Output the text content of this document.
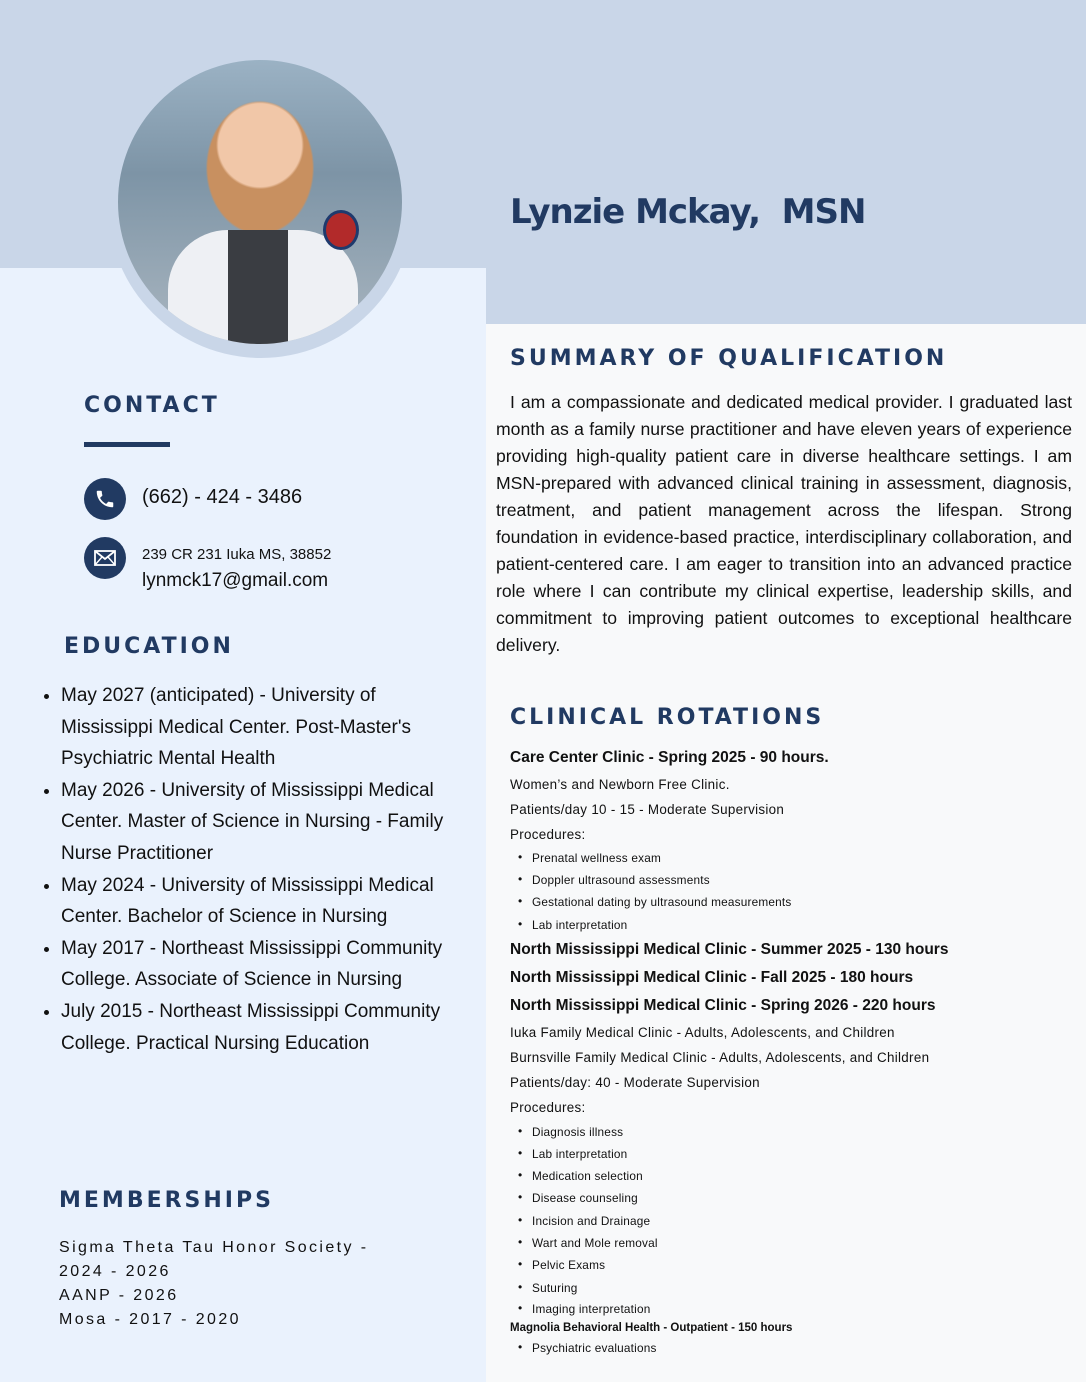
Lynzie Mckay,  MSN
CONTACT
(662) - 424 - 3486
239 CR 231 Iuka MS, 38852
lynmck17@gmail.com
EDUCATION
• May 2027 (anticipated) - University of Mississippi Medical Center. Post-Master's Psychiatric Mental Health
• May 2026 - University of Mississippi Medical Center. Master of Science in Nursing - Family Nurse Practitioner
• May 2024 - University of Mississippi Medical Center. Bachelor of Science in Nursing
• May 2017 - Northeast Mississippi Community College. Associate of Science in Nursing
• July 2015 - Northeast Mississippi Community College. Practical Nursing Education
MEMBERSHIPS
Sigma Theta Tau Honor Society -
2024 - 2026
AANP - 2026
Mosa - 2017 - 2020
SUMMARY OF QUALIFICATION

I am a compassionate and dedicated medical provider. I graduated last month as a family nurse practitioner and have eleven years of experience providing high-quality patient care in diverse healthcare settings. I am MSN-prepared with advanced clinical training in assessment, diagnosis, treatment, and patient management across the lifespan. Strong foundation in evidence-based practice, interdisciplinary collaboration, and patient-centered care. I am eager to transition into an advanced practice role where I can contribute my clinical expertise, leadership skills, and commitment to improving patient outcomes to exceptional healthcare delivery.

CLINICAL ROTATIONS
Care Center Clinic - Spring 2025 - 90 hours.
Women’s and Newborn Free Clinic.
Patients/day 10 - 15 - Moderate Supervision
Procedures:
• Prenatal wellness exam
• Doppler ultrasound assessments
• Gestational dating by ultrasound measurements
• Lab interpretation
North Mississippi Medical Clinic - Summer 2025 - 130 hours
North Mississippi Medical Clinic - Fall 2025 - 180 hours
North Mississippi Medical Clinic - Spring 2026 - 220 hours
Iuka Family Medical Clinic - Adults, Adolescents, and Children
Burnsville Family Medical Clinic - Adults, Adolescents, and Children
Patients/day: 40 - Moderate Supervision
Procedures:
• Diagnosis illness
• Lab interpretation
• Medication selection
• Disease counseling
• Incision and Drainage
• Wart and Mole removal
• Pelvic Exams
• Suturing
• Imaging interpretation
Magnolia Behavioral Health - Outpatient - 150 hours
• Psychiatric evaluations
